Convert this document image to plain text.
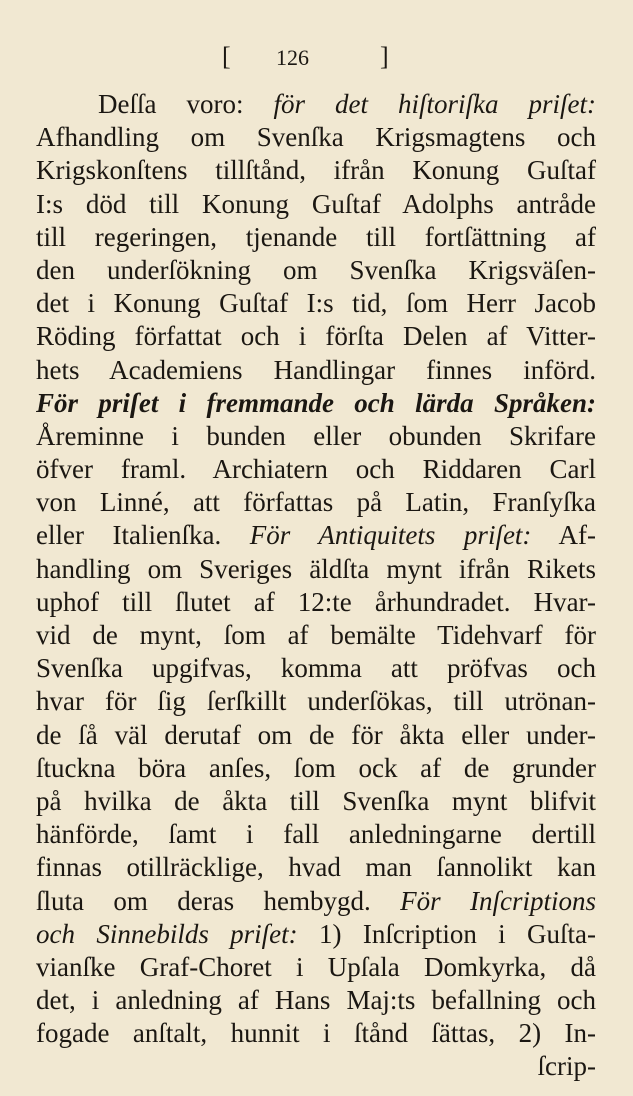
[ 126	]
Deſſa voro: för det hiſtoriſka priſet:
Afhandling om Svenſka Krigsmagtens och
Krigskonſtens tillſtånd, ifrån Konung Guſtaf
I:s död till Konung Guſtaf Adolphs antråde
till regeringen, tjenande till fortſättning af
den underſökning om Svenſka Krigsväſen-
det i Konung Guſtaf I:s tid, ſom Herr Jacob
Röding författat och i förſta Delen af Vitter-
hets Academiens Handlingar finnes införd.
För priſet i fremmande och lärda Språken:
Åreminne i bunden eller obunden Skrifare
öfver framl. Archiatern och Riddaren Carl
von Linné, att författas på Latin, Franſyſka
eller Italienſka. För Antiquitets priſet: Af-
handling om Sveriges äldſta mynt ifrån Rikets
uphof till ſlutet af 12:te århundradet. Hvar-
vid de mynt, ſom af bemälte Tidehvarf för
Svenſka upgifvas, komma att pröfvas och
hvar för ſig ſerſkillt underſökas, till utrönan-
de ſå väl derutaf om de för åkta eller under-
ſtuckna böra anſes, ſom ock af de grunder
på hvilka de åkta till Svenſka mynt blifvit
hänförde, ſamt i fall anledningarne dertill
finnas otillräcklige, hvad man ſannolikt kan
ſluta om deras hembygd. För Inſcriptions
och Sinnebilds priſet: 1) Inſcription i Guſta-
vianſke Graf-Choret i Upſala Domkyrka, då
det, i anledning af Hans Maj:ts befallning och
fogade anſtalt, hunnit i ſtånd ſättas, 2) In-
ſcrip-
